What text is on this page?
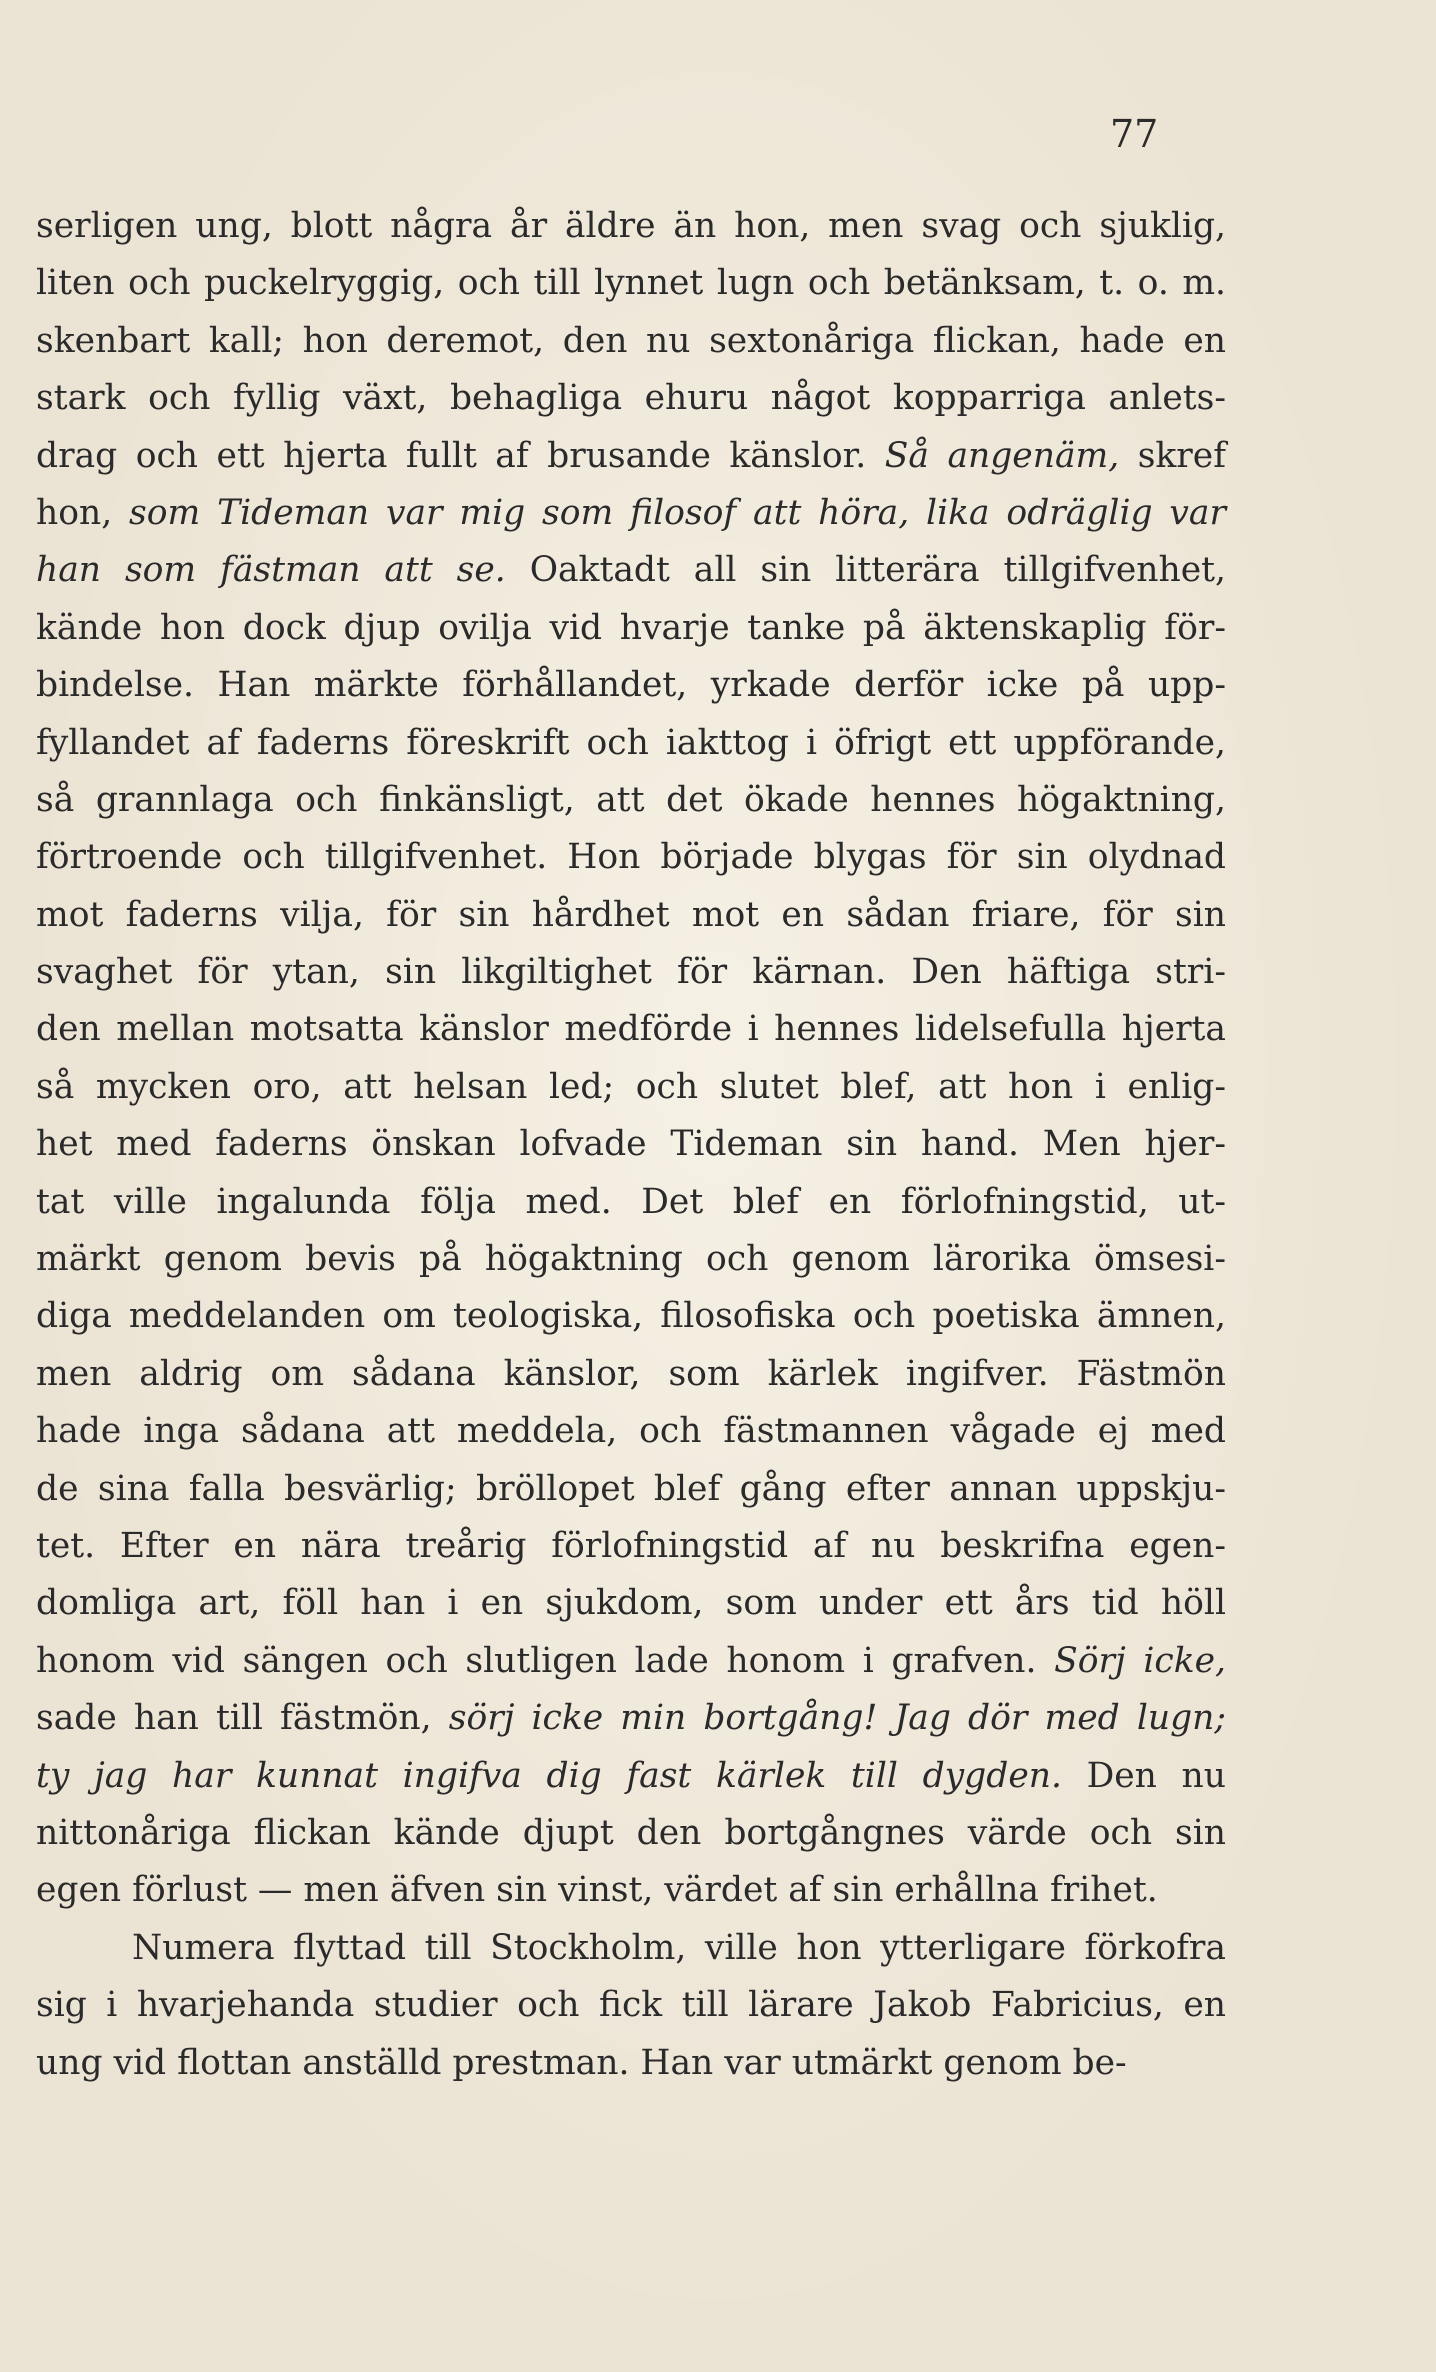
77
serligen ung, blott några år äldre än hon, men svag och sjuklig,
liten och puckelryggig, och till lynnet lugn och betänksam, t. o. m.
skenbart kall; hon deremot, den nu sextonåriga flickan, hade en
stark och fyllig växt, behagliga ehuru något kopparriga anlets-
drag och ett hjerta fullt af brusande känslor. Så angenäm, skref
hon, som Tideman var mig som filosof att höra, lika odräglig var
han som fästman att se. Oaktadt all sin litterära tillgifvenhet,
kände hon dock djup ovilja vid hvarje tanke på äktenskaplig för-
bindelse. Han märkte förhållandet, yrkade derför icke på upp-
fyllandet af faderns föreskrift och iakttog i öfrigt ett uppförande,
så grannlaga och finkänsligt, att det ökade hennes högaktning,
förtroende och tillgifvenhet. Hon började blygas för sin olydnad
mot faderns vilja, för sin hårdhet mot en sådan friare, för sin
svaghet för ytan, sin likgiltighet för kärnan. Den häftiga stri-
den mellan motsatta känslor medförde i hennes lidelsefulla hjerta
så mycken oro, att helsan led; och slutet blef, att hon i enlig-
het med faderns önskan lofvade Tideman sin hand. Men hjer-
tat ville ingalunda följa med. Det blef en förlofningstid, ut-
märkt genom bevis på högaktning och genom lärorika ömsesi-
diga meddelanden om teologiska, filosofiska och poetiska ämnen,
men aldrig om sådana känslor, som kärlek ingifver. Fästmön
hade inga sådana att meddela, och fästmannen vågade ej med
de sina falla besvärlig; bröllopet blef gång efter annan uppskju-
tet. Efter en nära treårig förlofningstid af nu beskrifna egen-
domliga art, föll han i en sjukdom, som under ett års tid höll
honom vid sängen och slutligen lade honom i grafven. Sörj icke,
sade han till fästmön, sörj icke min bortgång! Jag dör med lugn;
ty jag har kunnat ingifva dig fast kärlek till dygden. Den nu
nittonåriga flickan kände djupt den bortgångnes värde och sin
egen förlust — men äfven sin vinst, värdet af sin erhållna frihet.
Numera flyttad till Stockholm, ville hon ytterligare förkofra
sig i hvarjehanda studier och fick till lärare Jakob Fabricius, en
ung vid flottan anställd prestman. Han var utmärkt genom be-
